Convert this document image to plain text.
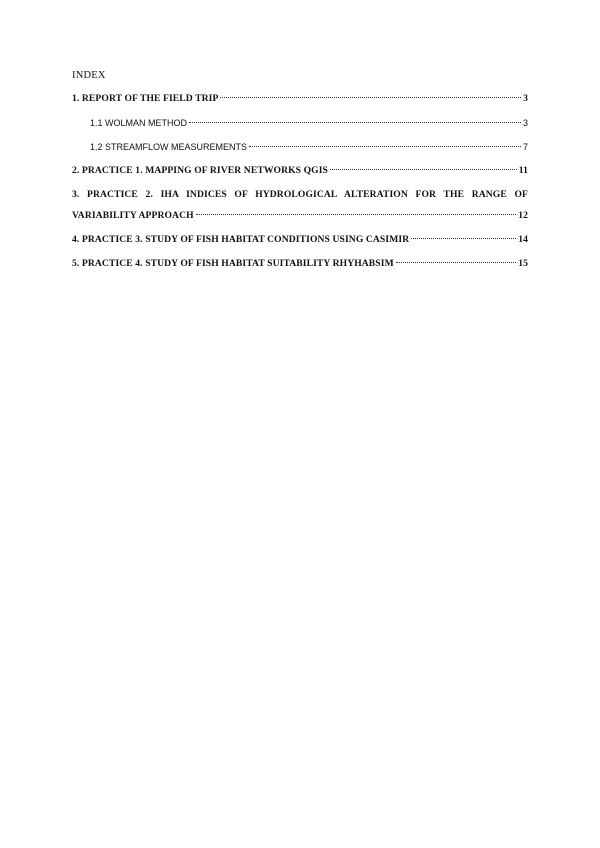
INDEX
1. REPORT OF THE FIELD TRIP	3
1.1 WOLMAN METHOD	3
1.2 STREAMFLOW MEASUREMENTS	7
2. PRACTICE 1. MAPPING OF RIVER NETWORKS QGIS	11
3. PRACTICE 2. IHA INDICES OF HYDROLOGICAL ALTERATION FOR THE RANGE OF
VARIABILITY APPROACH	12
4. PRACTICE 3. STUDY OF FISH HABITAT CONDITIONS USING CASIMIR	14
5. PRACTICE 4. STUDY OF FISH HABITAT SUITABILITY RHYHABSIM	15
